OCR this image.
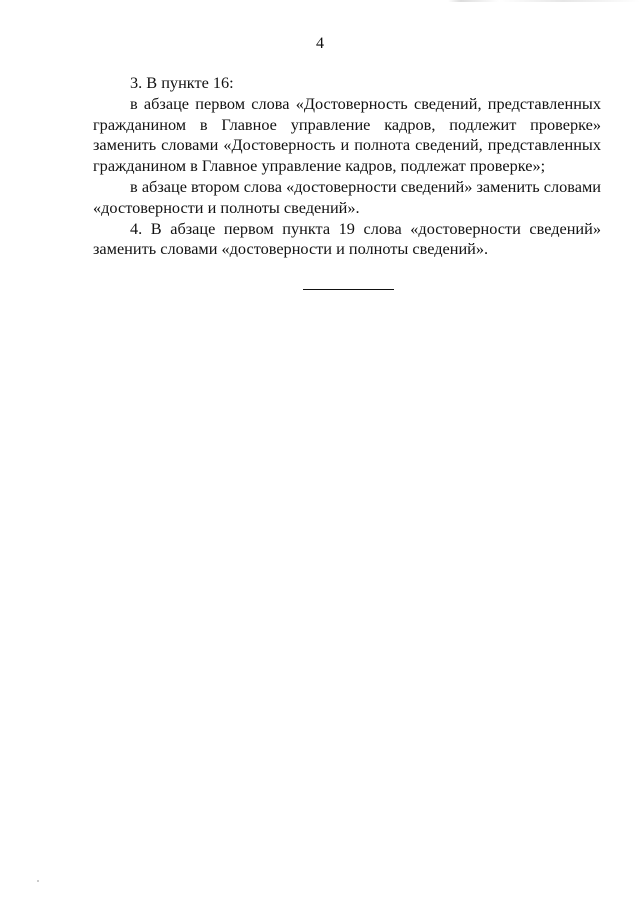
4

3. В пункте 16:

в абзаце первом слова «Достоверность сведений, представленных гражданином в Главное управление кадров, подлежит проверке» заменить словами «Достоверность и полнота сведений, представленных гражданином в Главное управление кадров, подлежат проверке»;

в абзаце втором слова «достоверности сведений» заменить словами «достоверности и полноты сведений».

4. В абзаце первом пункта 19 слова «достоверности сведений» заменить словами «достоверности и полноты сведений».
